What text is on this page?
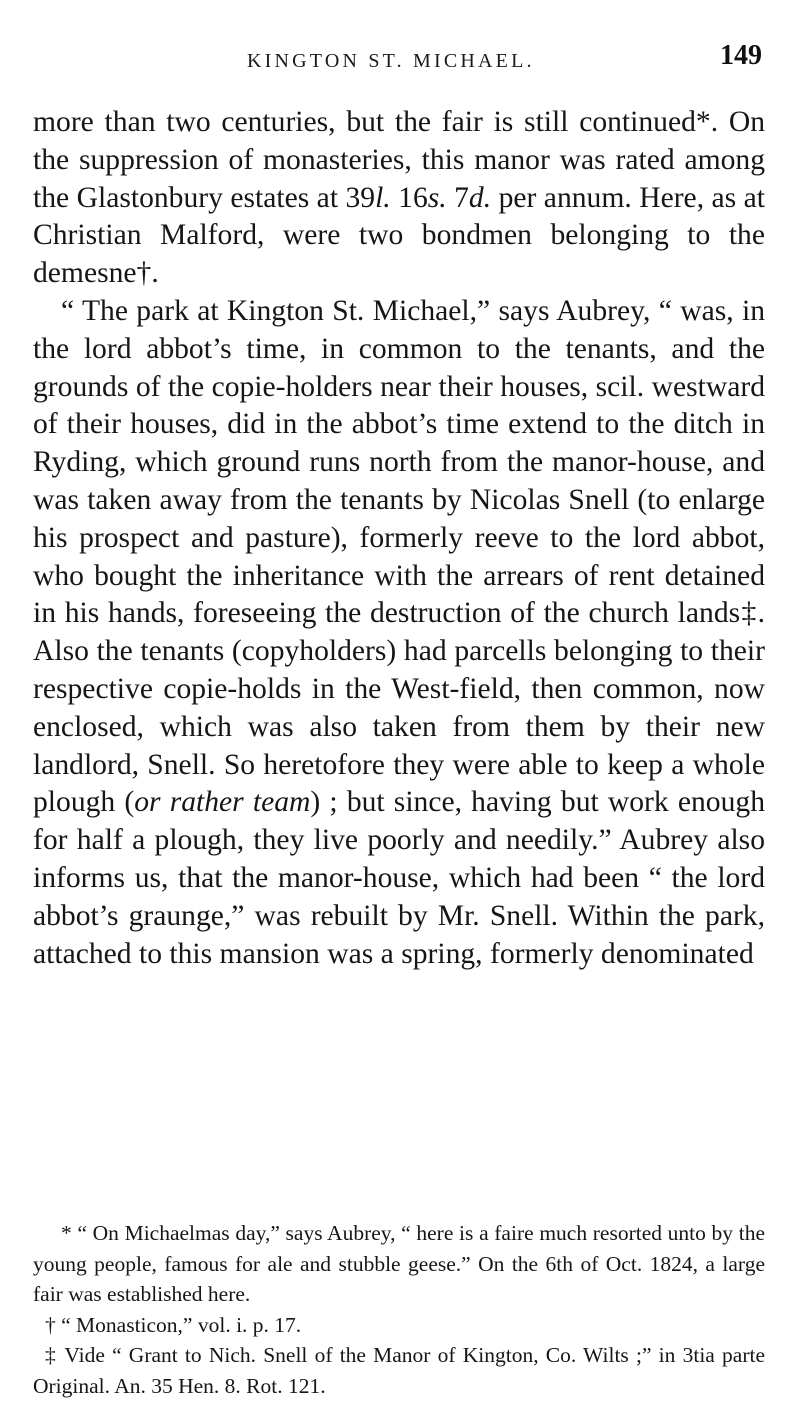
KINGTON ST. MICHAEL.	149

more than two centuries, but the fair is still continued*. On the suppression of monasteries, this manor was rated among the Glastonbury estates at 39l. 16s. 7d. per annum. Here, as at Christian Malford, were two bondmen belonging to the demesne†.

“ The park at Kington St. Michael,” says Aubrey, “ was, in the lord abbot’s time, in common to the tenants, and the grounds of the copie-holders near their houses, scil. westward of their houses, did in the abbot’s time extend to the ditch in Ryding, which ground runs north from the manor-house, and was taken away from the tenants by Nicolas Snell (to enlarge his prospect and pasture), formerly reeve to the lord abbot, who bought the inheritance with the arrears of rent detained in his hands, foreseeing the destruction of the church lands‡. Also the tenants (copyholders) had parcells belonging to their respective copie-holds in the West-field, then common, now enclosed, which was also taken from them by their new landlord, Snell. So heretofore they were able to keep a whole plough (or rather team) ; but since, having but work enough for half a plough, they live poorly and needily.” Aubrey also informs us, that the manor-house, which had been “ the lord abbot’s graunge,” was rebuilt by Mr. Snell. Within the park, attached to this mansion was a spring, formerly denominated

* “ On Michaelmas day,” says Aubrey, “ here is a faire much resorted unto by the young people, famous for ale and stubble geese.” On the 6th of Oct. 1824, a large fair was established here.

† “ Monasticon,” vol. i. p. 17.

‡ Vide “ Grant to Nich. Snell of the Manor of Kington, Co. Wilts ;” in 3tia parte Original. An. 35 Hen. 8. Rot. 121.
